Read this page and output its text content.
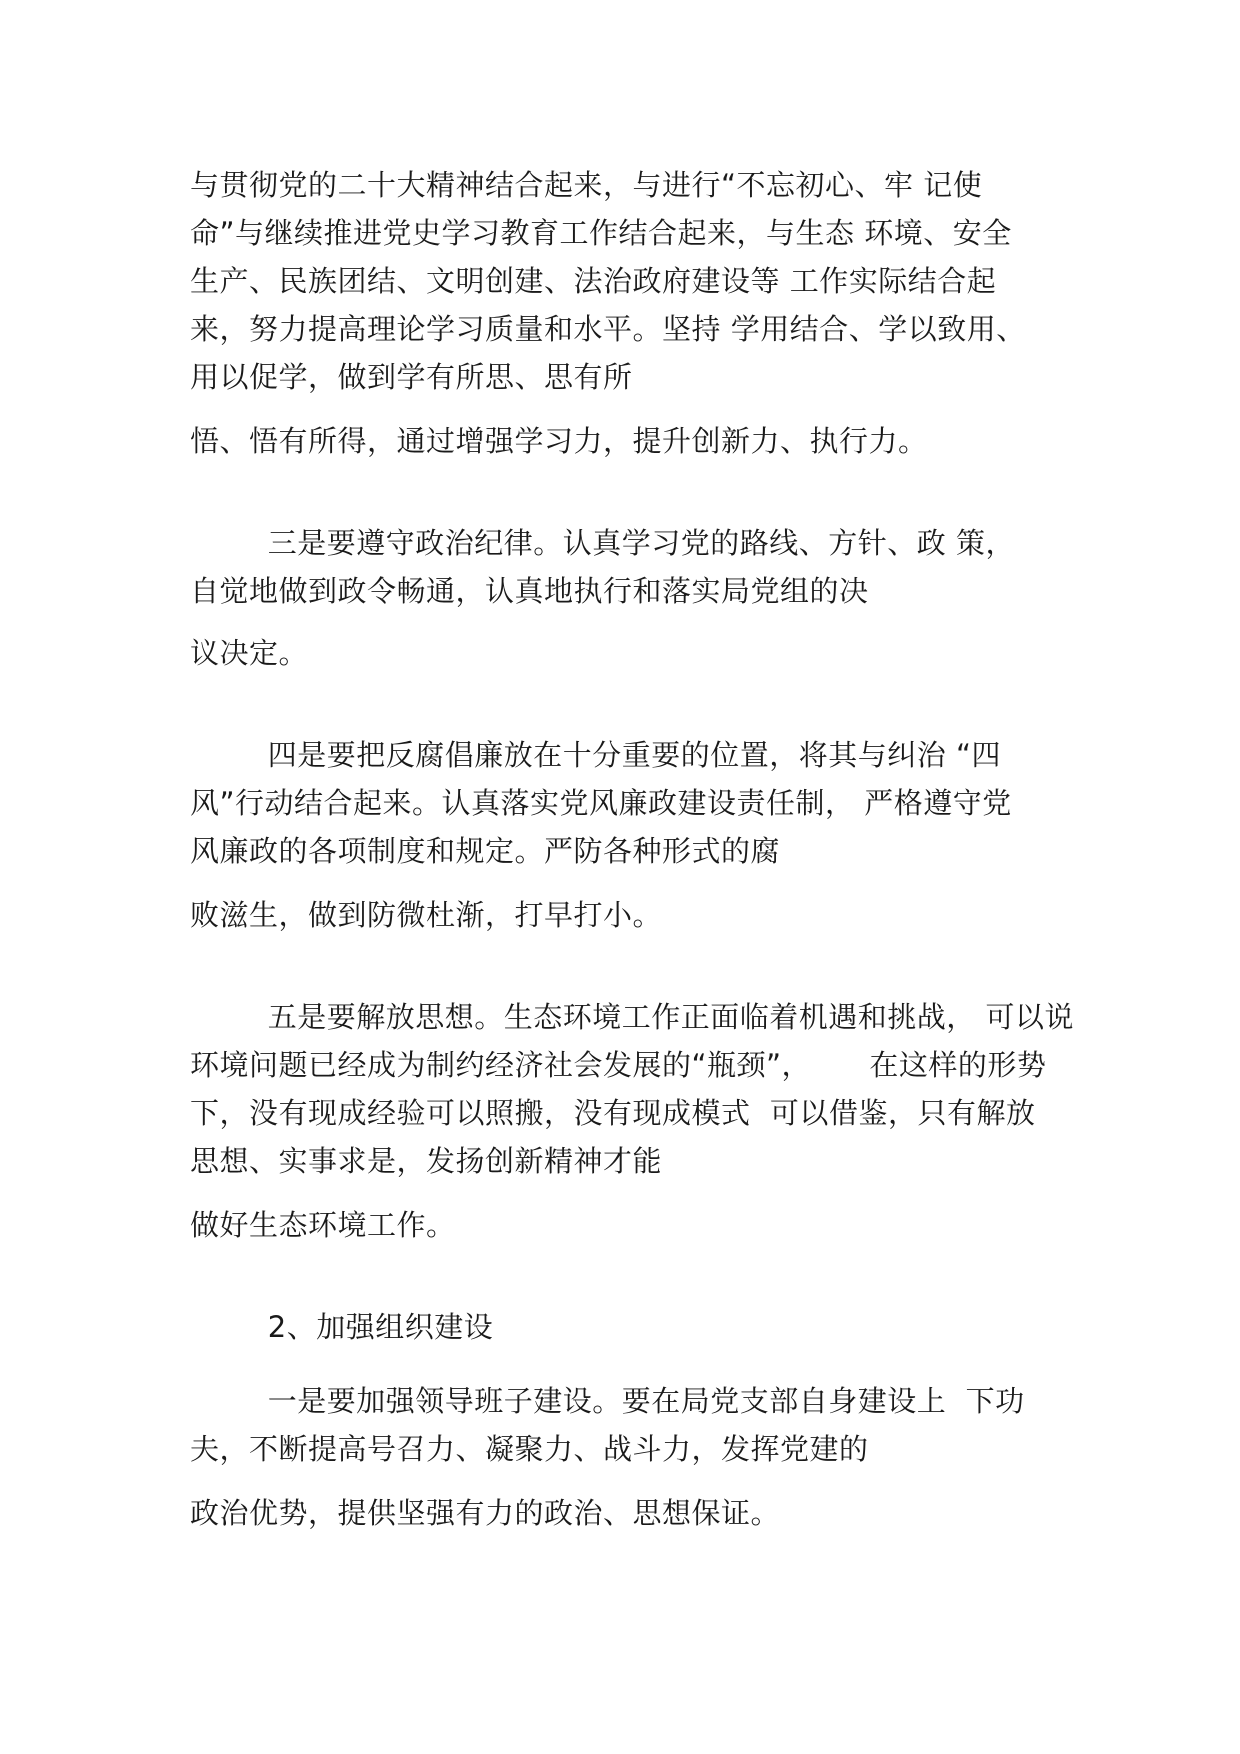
与贯彻党的二十大精神结合起来，与进行“不忘初心、牢 记使
命”与继续推进党史学习教育工作结合起来，与生态 环境、安全
生产、民族团结、文明创建、法治政府建设等 工作实际结合起
来，努力提高理论学习质量和水平。坚持 学用结合、学以致用、
用以促学，做到学有所思、思有所
悟、悟有所得，通过增强学习力，提升创新力、执行力。
三是要遵守政治纪律。认真学习党的路线、方针、政 策，
自觉地做到政令畅通，认真地执行和落实局党组的决
议决定。
四是要把反腐倡廉放在十分重要的位置，将其与纠治 “四
风”行动结合起来。认真落实党风廉政建设责任制， 严格遵守党
风廉政的各项制度和规定。严防各种形式的腐
败滋生，做到防微杜渐，打早打小。
五是要解放思想。生态环境工作正面临着机遇和挑战， 可以说
环境问题已经成为制约经济社会发展的“瓶颈”，      在这样的形势
下，没有现成经验可以照搬，没有现成模式  可以借鉴，只有解放
思想、实事求是，发扬创新精神才能
做好生态环境工作。
2、加强组织建设
一是要加强领导班子建设。要在局党支部自身建设上  下功
夫，不断提高号召力、凝聚力、战斗力，发挥党建的
政治优势，提供坚强有力的政治、思想保证。
